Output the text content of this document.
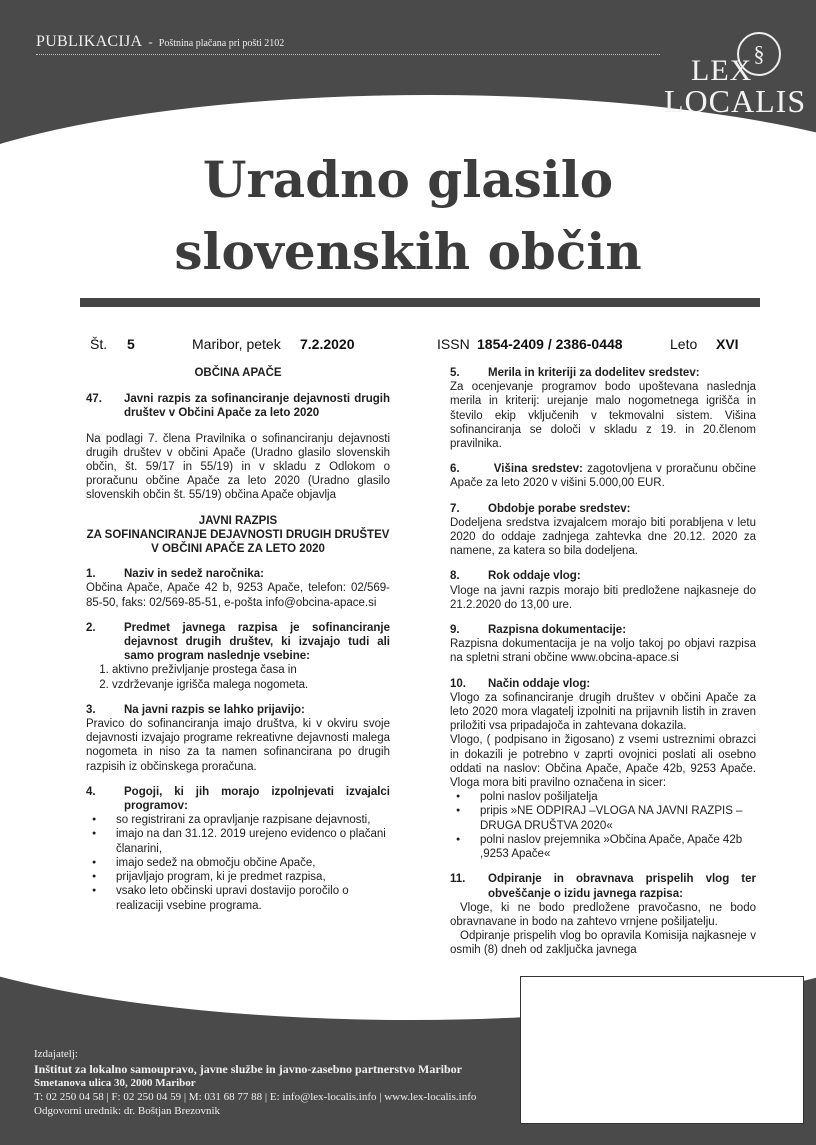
PUBLIKACIJA - Poštnina plačana pri pošti 2102	§
LEX
LOCALIS
Uradno glasilo
slovenskih občin
Št. 5	Maribor, petek 7.2.2020	ISSN 1854-2409 / 2386-0448	Leto XVI

OBČINA APAČE

47.	Javni razpis za sofinanciranje dejavnosti drugih društev v Občini Apače za leto 2020

Na podlagi 7. člena Pravilnika o sofinanciranju dejavnosti drugih društev v občini Apače (Uradno glasilo slovenskih občin, št. 59/17 in 55/19) in v skladu z Odlokom o proračunu občine Apače za leto 2020 (Uradno glasilo slovenskih občin št. 55/19) občina Apače objavlja

JAVNI RAZPIS

ZA SOFINANCIRANJE DEJAVNOSTI DRUGIH DRUŠTEV

V OBČINI APAČE ZA LETO 2020

1.	Naziv in sedež naročnika:

Občina Apače, Apače 42 b, 9253 Apače, telefon: 02/569-85-50, faks: 02/569-85-51, e-pošta info@obcina-apace.si

2.	Predmet javnega razpisa je sofinanciranje dejavnost drugih društev, ki izvajajo tudi ali samo program naslednje vsebine:
1. aktivno preživljanje prostega časa in
2. vzdrževanje igrišča malega nogometa.
3.	Na javni razpis se lahko prijavijo:

Pravico do sofinanciranja imajo društva, ki v okviru svoje dejavnosti izvajajo programe rekreativne dejavnosti malega nogometa in niso za ta namen sofinancirana po drugih razpisih iz občinskega proračuna.

4.	Pogoji, ki jih morajo izpolnjevati izvajalci programov:
● so registrirani za opravljanje razpisane dejavnosti,
● imajo na dan 31.12. 2019 urejeno evidenco o plačani članarini,
● imajo sedež na območju občine Apače,
● prijavljajo program, ki je predmet razpisa,
● vsako leto občinski upravi dostavijo poročilo o realizaciji vsebine programa.
5.	Merila in kriteriji za dodelitev sredstev:

Za ocenjevanje programov bodo upoštevana naslednja merila in kriterij: urejanje malo nogometnega igrišča in število ekip vključenih v tekmovalni sistem. Višina sofinanciranja se določi v skladu z 19. in 20.členom pravilnika.

6.	Višina sredstev: zagotovljena v proračunu občine Apače za leto 2020 v višini 5.000,00 EUR.

7.	Obdobje porabe sredstev:

Dodeljena sredstva izvajalcem morajo biti porabljena v letu 2020 do oddaje zadnjega zahtevka dne 20.12. 2020 za namene, za katera so bila dodeljena.

8.	Rok oddaje vlog:

Vloge na javni razpis morajo biti predložene najkasneje do 21.2.2020 do 13,00 ure.

9.	Razpisna dokumentacije:

Razpisna dokumentacija je na voljo takoj po objavi razpisa na spletni strani občine www.obcina-apace.si

10.	Način oddaje vlog:

Vlogo za sofinanciranje drugih društev v občini Apače za leto 2020 mora vlagatelj izpolniti na prijavnih listih in zraven priložiti vsa pripadajoča in zahtevana dokazila.

Vlogo, ( podpisano in žigosano) z vsemi ustreznimi obrazci in dokazili je potrebno v zaprti ovojnici poslati ali osebno oddati na naslov: Občina Apače, Apače 42b, 9253 Apače. Vloga mora biti pravilno označena in sicer:

● polni naslov pošiljatelja
● pripis »NE ODPIRAJ –VLOGA NA JAVNI RAZPIS – DRUGA DRUŠTVA 2020«
● polni naslov prejemnika »Občina Apače, Apače 42b ,9253 Apače«
11.	Odpiranje in obravnava prispelih vlog ter obveščanje o izidu javnega razpisa:

Vloge, ki ne bodo predložene pravočasno, ne bodo obravnavane in bodo na zahtevo vrnjene pošiljatelju.

Odpiranje prispelih vlog bo opravila Komisija najkasneje v osmih (8) dneh od zaključka javnega

Izdajatelj:
Inštitut za lokalno samoupravo, javne službe in javno-zasebno partnerstvo Maribor
Smetanova ulica 30, 2000 Maribor
T: 02 250 04 58 | F: 02 250 04 59 | M: 031 68 77 88 | E: info@lex-localis.info | www.lex-localis.info
Odgovorni urednik: dr. Boštjan Brezovnik
